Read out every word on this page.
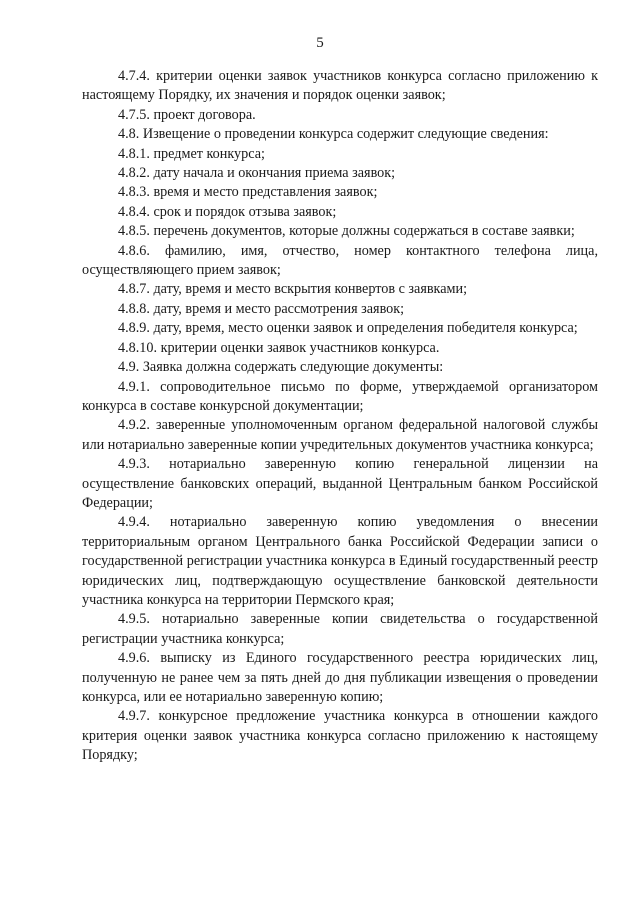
5

4.7.4. критерии оценки заявок участников конкурса согласно приложению к настоящему Порядку, их значения и порядок оценки заявок;

4.7.5. проект договора.

4.8. Извещение о проведении конкурса содержит следующие сведения:

4.8.1. предмет конкурса;

4.8.2. дату начала и окончания приема заявок;

4.8.3. время и место представления заявок;

4.8.4. срок и порядок отзыва заявок;

4.8.5. перечень документов, которые должны содержаться в составе заявки;

4.8.6. фамилию, имя, отчество, номер контактного телефона лица, осуществляющего прием заявок;

4.8.7. дату, время и место вскрытия конвертов с заявками;

4.8.8. дату, время и место рассмотрения заявок;

4.8.9. дату, время, место оценки заявок и определения победителя конкурса;

4.8.10. критерии оценки заявок участников конкурса.

4.9. Заявка должна содержать следующие документы:

4.9.1. сопроводительное письмо по форме, утверждаемой организатором конкурса в составе конкурсной документации;

4.9.2. заверенные уполномоченным органом федеральной налоговой службы или нотариально заверенные копии учредительных документов участника конкурса;

4.9.3. нотариально заверенную копию генеральной лицензии на осуществление банковских операций, выданной Центральным банком Российской Федерации;

4.9.4. нотариально заверенную копию уведомления о внесении территориальным органом Центрального банка Российской Федерации записи о государственной регистрации участника конкурса в Единый государственный реестр юридических лиц, подтверждающую осуществление банковской деятельности участника конкурса на территории Пермского края;

4.9.5. нотариально заверенные копии свидетельства о государственной регистрации участника конкурса;

4.9.6. выписку из Единого государственного реестра юридических лиц, полученную не ранее чем за пять дней до дня публикации извещения о проведении конкурса, или ее нотариально заверенную копию;

4.9.7. конкурсное предложение участника конкурса в отношении каждого критерия оценки заявок участника конкурса согласно приложению к настоящему Порядку;
